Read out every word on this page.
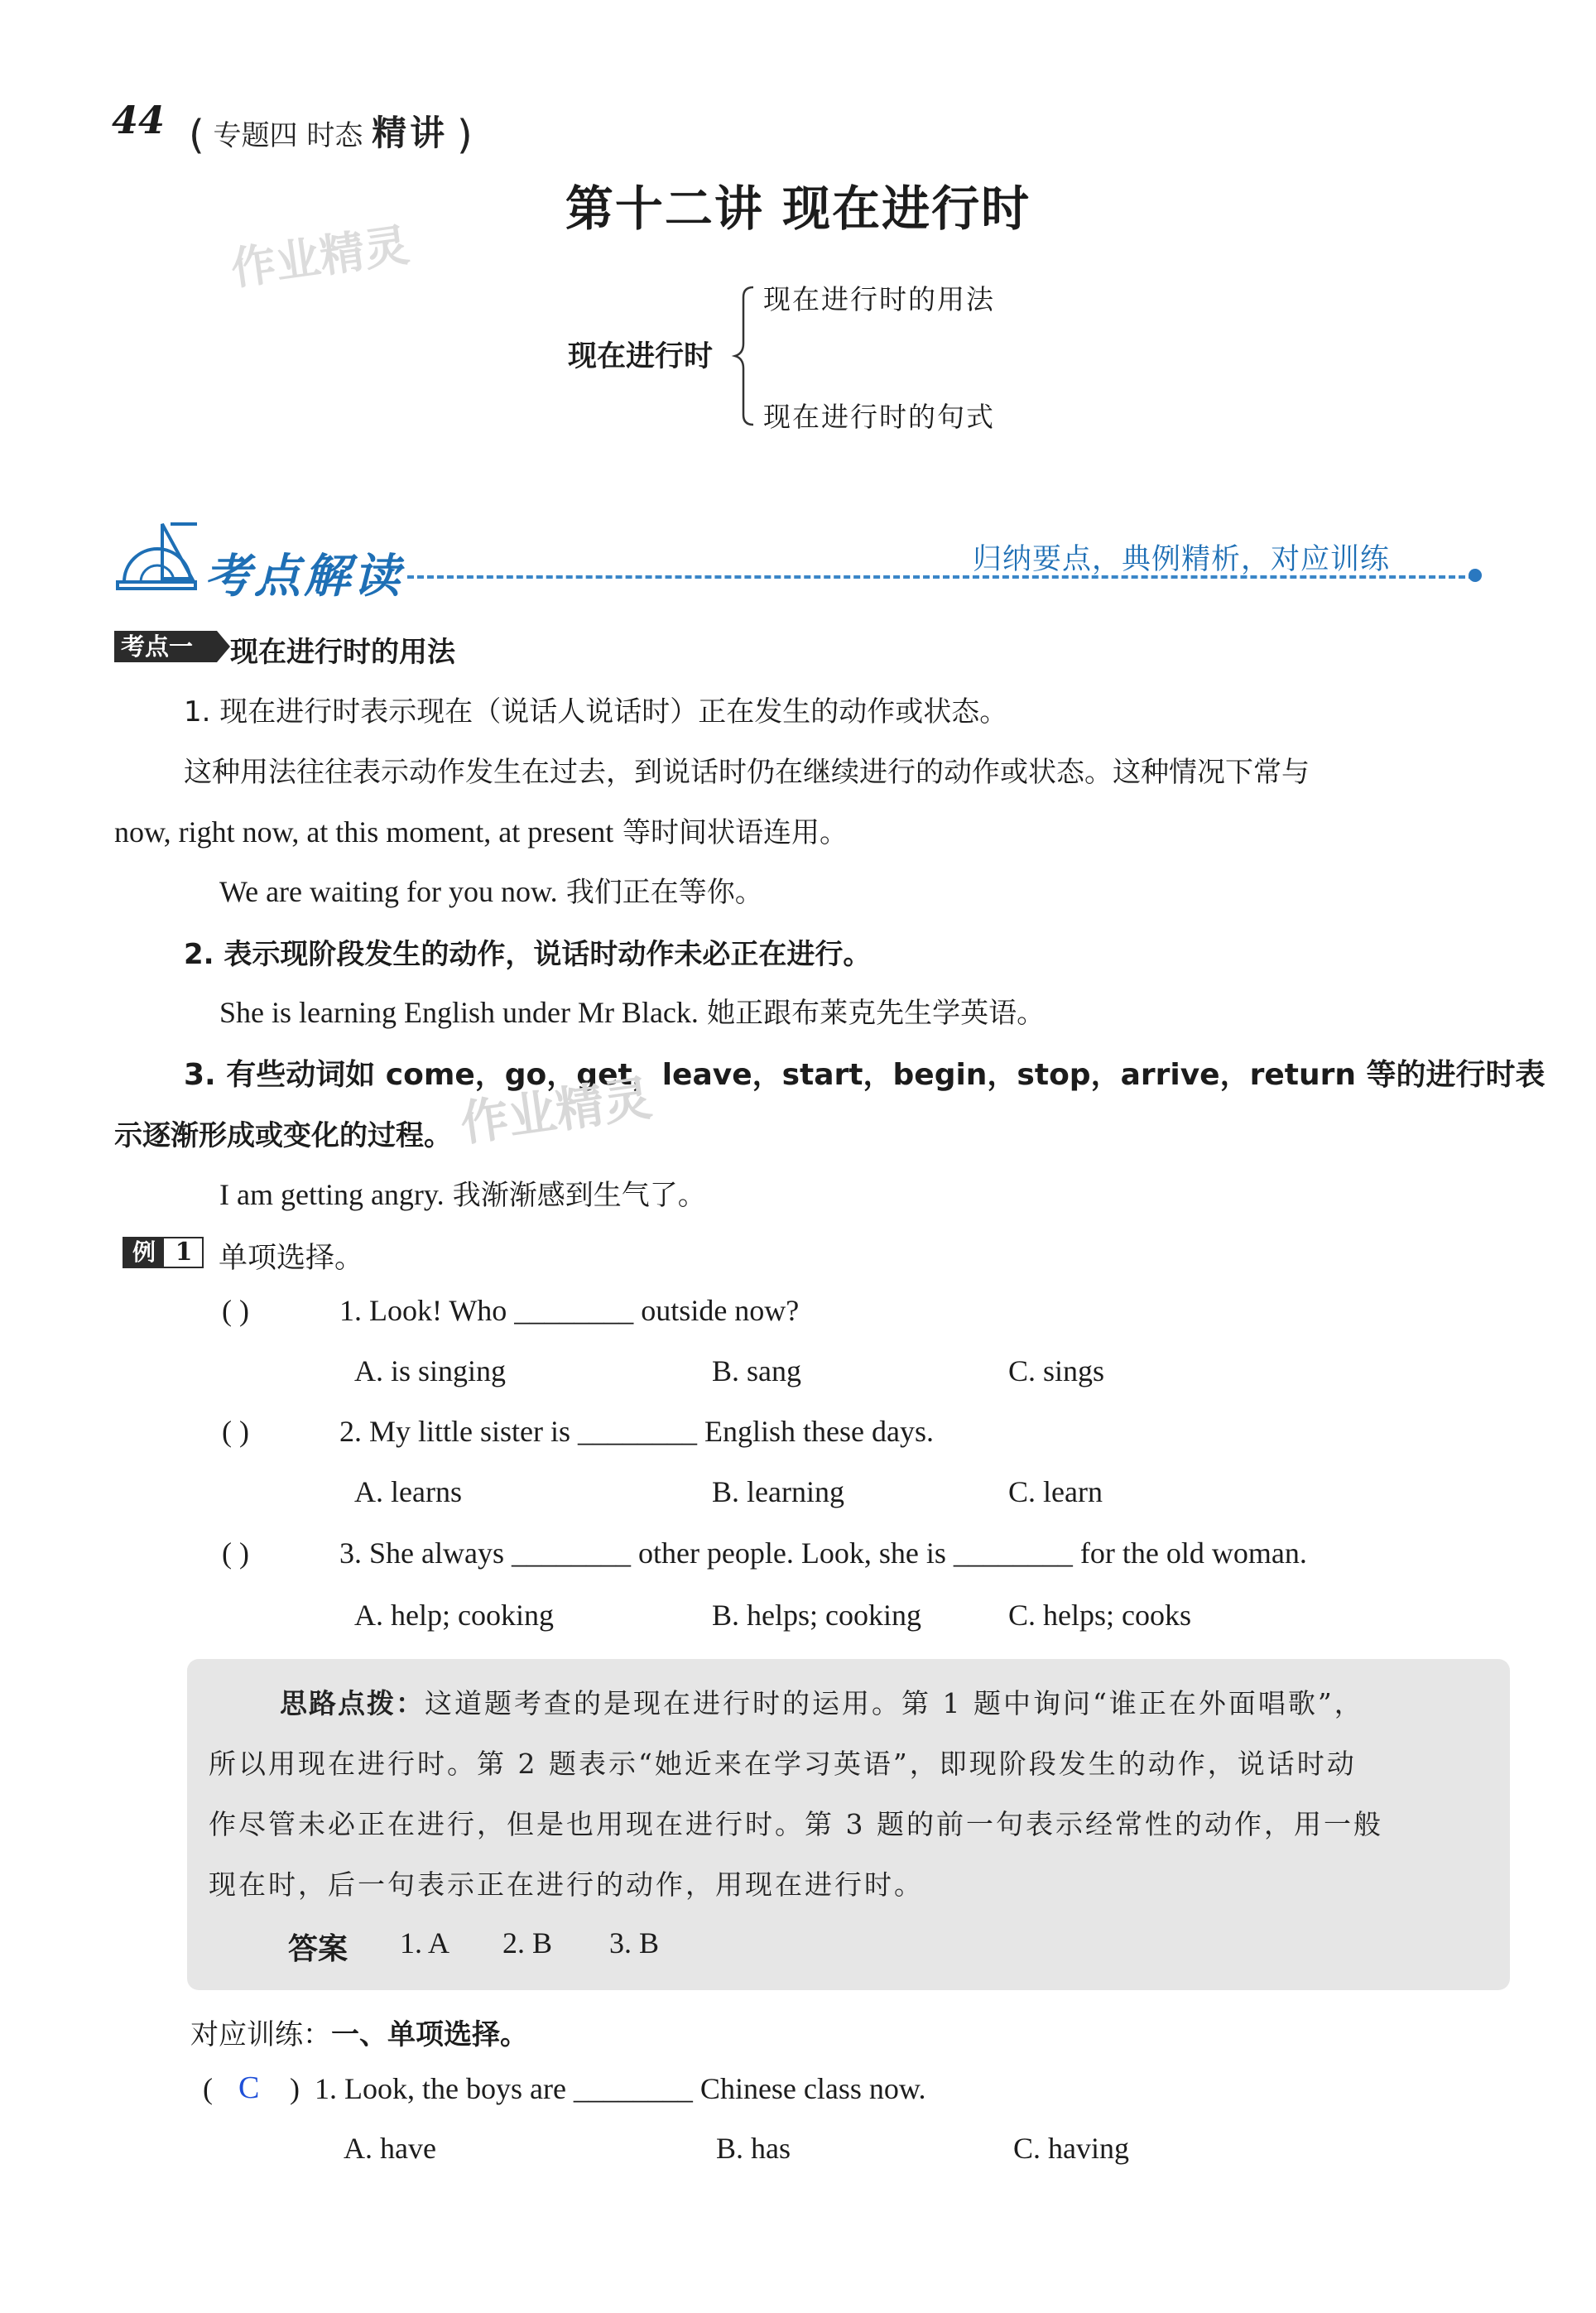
44 ( 专题四 时态 精讲 )
作业精灵
第十二讲 现在进行时
现在进行时
现在进行时的用法
现在进行时的句式
考点解读	归纳要点，典例精析，对应训练
考点一	现在进行时的用法
1. 现在进行时表示现在（说话人说话时）正在发生的动作或状态。
这种用法往往表示动作发生在过去，到说话时仍在继续进行的动作或状态。这种情况下常与
now, right now, at this moment, at present 等时间状语连用。
We are waiting for you now. 我们正在等你。
2. 表示现阶段发生的动作，说话时动作未必正在进行。
She is learning English under Mr Black. 她正跟布莱克先生学英语。
3. 有些动词如 come，go，get，leave，start，begin，stop，arrive，return 等的进行时表
示逐渐形成或变化的过程。 作业精灵
I am getting angry. 我渐渐感到生气了。
例 1 单项选择。
( )	1. Look! Who ________ outside now?
A. is singing	B. sang	C. sings
( )	2. My little sister is ________ English these days.
A. learns	B. learning	C. learn
( )	3. She always ________ other people. Look, she is ________ for the old woman.
A. help; cooking	B. helps; cooking	C. helps; cooks
思路点拨：这道题考查的是现在进行时的运用。第 1 题中询问“谁正在外面唱歌”，
所以用现在进行时。第 2 题表示“她近来在学习英语”，即现阶段发生的动作，说话时动
作尽管未必正在进行，但是也用现在进行时。第 3 题的前一句表示经常性的动作，用一般
现在时，后一句表示正在进行的动作，用现在进行时。
答案 1. A 2. B 3. B
对应训练：一、单项选择。
( C ) 1. Look, the boys are ________ Chinese class now.
A. have	B. has	C. having
